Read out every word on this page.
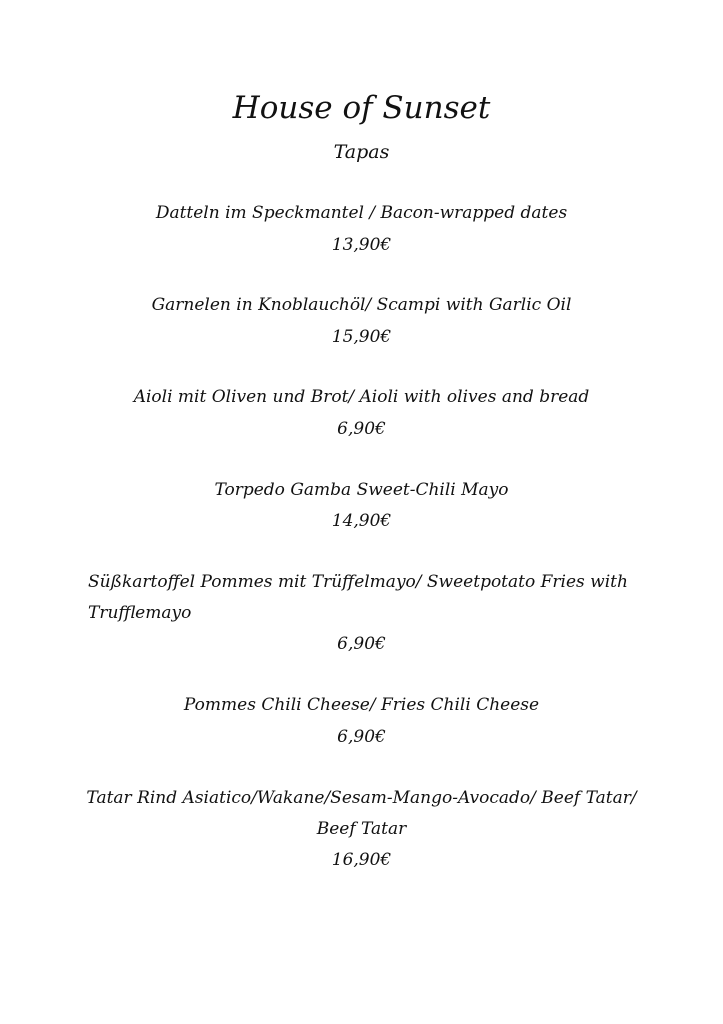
House of Sunset
Tapas
Datteln im Speckmantel / Bacon-wrapped dates
13,90€
Garnelen in Knoblauchöl/ Scampi with Garlic Oil
15,90€
Aioli mit Oliven und Brot/ Aioli with olives and bread
6,90€
Torpedo Gamba Sweet-Chili Mayo
14,90€
Süßkartoffel Pommes mit Trüffelmayo/ Sweetpotato Fries with
Trufflemayo
6,90€
Pommes Chili Cheese/ Fries Chili Cheese
6,90€
Tatar Rind Asiatico/Wakane/Sesam-Mango-Avocado/ Beef Tatar/
Beef Tatar
16,90€
